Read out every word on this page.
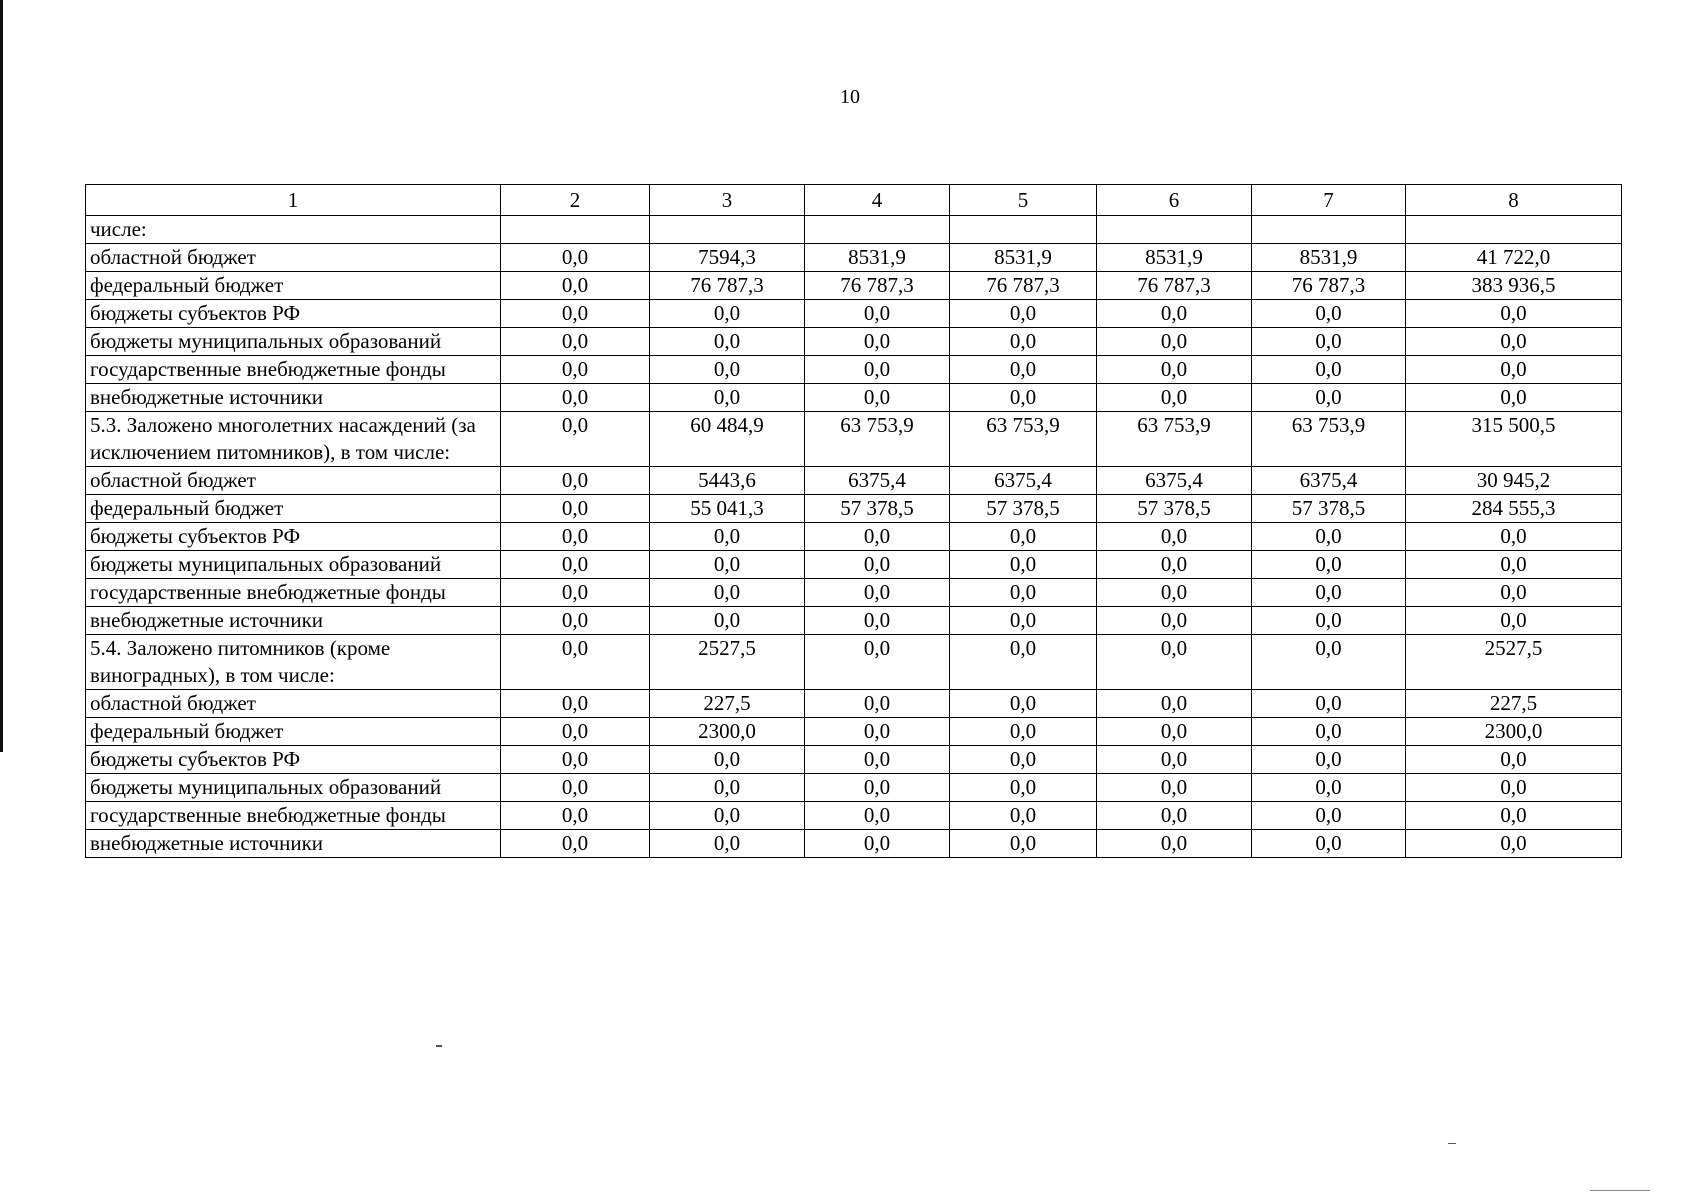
10
1	2	3	4	5	6	7	8
числе:							
областной бюджет	0,0	7594,3	8531,9	8531,9	8531,9	8531,9	41 722,0
федеральный бюджет	0,0	76 787,3	76 787,3	76 787,3	76 787,3	76 787,3	383 936,5
бюджеты субъектов РФ	0,0	0,0	0,0	0,0	0,0	0,0	0,0
бюджеты муниципальных образований	0,0	0,0	0,0	0,0	0,0	0,0	0,0
государственные внебюджетные фонды	0,0	0,0	0,0	0,0	0,0	0,0	0,0
внебюджетные источники	0,0	0,0	0,0	0,0	0,0	0,0	0,0
5.3. Заложено многолетних насаждений (за исключением питомников), в том числе:	0,0	60 484,9	63 753,9	63 753,9	63 753,9	63 753,9	315 500,5
областной бюджет	0,0	5443,6	6375,4	6375,4	6375,4	6375,4	30 945,2
федеральный бюджет	0,0	55 041,3	57 378,5	57 378,5	57 378,5	57 378,5	284 555,3
бюджеты субъектов РФ	0,0	0,0	0,0	0,0	0,0	0,0	0,0
бюджеты муниципальных образований	0,0	0,0	0,0	0,0	0,0	0,0	0,0
государственные внебюджетные фонды	0,0	0,0	0,0	0,0	0,0	0,0	0,0
внебюджетные источники	0,0	0,0	0,0	0,0	0,0	0,0	0,0
5.4. Заложено питомников (кроме виноградных), в том числе:	0,0	2527,5	0,0	0,0	0,0	0,0	2527,5
областной бюджет	0,0	227,5	0,0	0,0	0,0	0,0	227,5
федеральный бюджет	0,0	2300,0	0,0	0,0	0,0	0,0	2300,0
бюджеты субъектов РФ	0,0	0,0	0,0	0,0	0,0	0,0	0,0
бюджеты муниципальных образований	0,0	0,0	0,0	0,0	0,0	0,0	0,0
государственные внебюджетные фонды	0,0	0,0	0,0	0,0	0,0	0,0	0,0
внебюджетные источники	0,0	0,0	0,0	0,0	0,0	0,0	0,0
